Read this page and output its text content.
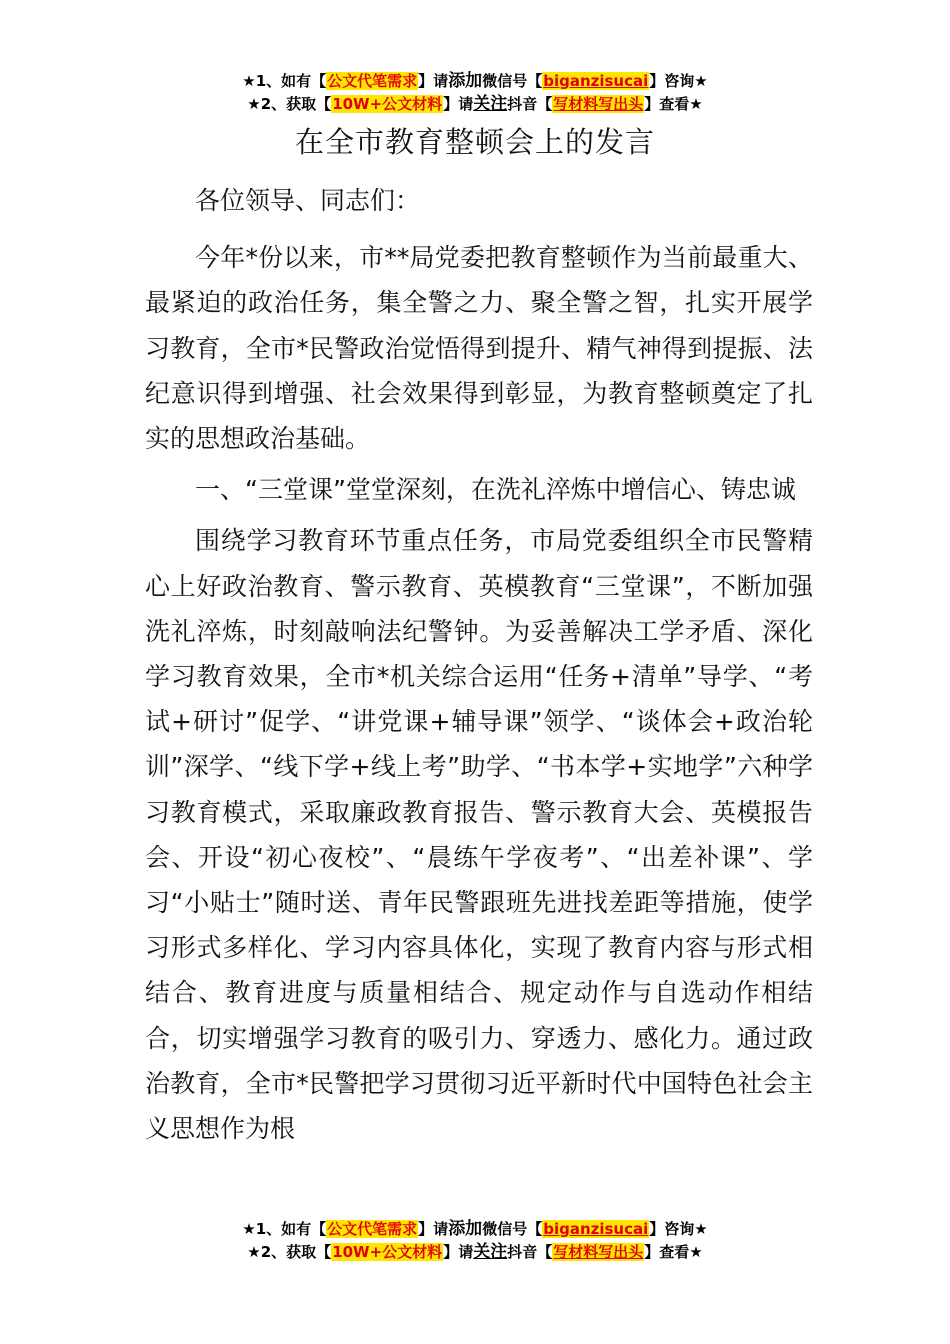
★1、如有【公文代笔需求】请添加微信号【biganzisucai】咨询★
★2、获取【10W+公文材料】请关注抖音【写材料写出头】查看★
在全市教育整顿会上的发言

各位领导、同志们：

今年*份以来，市**局党委把教育整顿作为当前最重大、最紧迫的政治任务，集全警之力、聚全警之智，扎实开展学习教育，全市*民警政治觉悟得到提升、精气神得到提振、法纪意识得到增强、社会效果得到彰显，为教育整顿奠定了扎实的思想政治基础。

一、“三堂课”堂堂深刻，在洗礼淬炼中增信心、铸忠诚

围绕学习教育环节重点任务，市局党委组织全市民警精心上好政治教育、警示教育、英模教育“三堂课”，不断加强洗礼淬炼，时刻敲响法纪警钟。为妥善解决工学矛盾、深化学习教育效果，全市*机关综合运用“任务+清单”导学、“考试+研讨”促学、“讲党课+辅导课”领学、“谈体会+政治轮训”深学、“线下学+线上考”助学、“书本学+实地学”六种学习教育模式，采取廉政教育报告、警示教育大会、英模报告会、开设“初心夜校”、“晨练午学夜考”、“出差补课”、学习“小贴士”随时送、青年民警跟班先进找差距等措施，使学习形式多样化、学习内容具体化，实现了教育内容与形式相结合、教育进度与质量相结合、规定动作与自选动作相结合，切实增强学习教育的吸引力、穿透力、感化力。通过政治教育，全市*民警把学习贯彻习近平新时代中国特色社会主义思想作为根

★1、如有【公文代笔需求】请添加微信号【biganzisucai】咨询★
★2、获取【10W+公文材料】请关注抖音【写材料写出头】查看★
